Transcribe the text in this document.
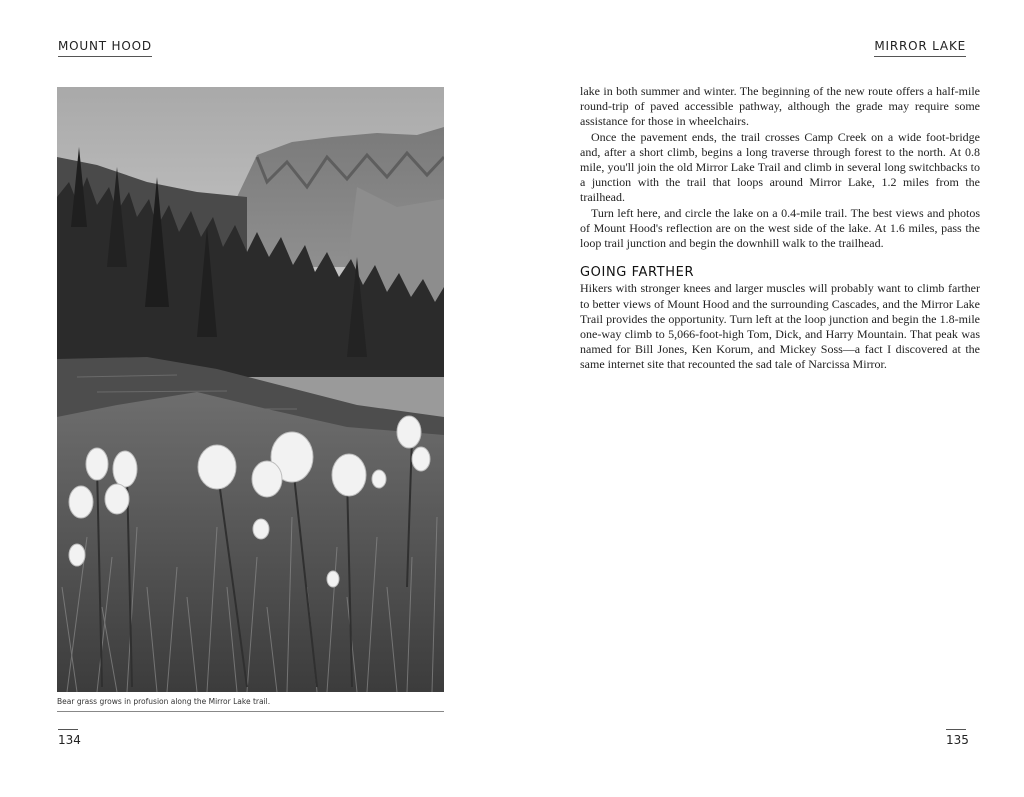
MOUNT HOOD
Bear grass grows in profusion along the Mirror Lake trail.
134
MIRROR LAKE

lake in both summer and winter. The beginning of the new route offers a half-mile round-trip of paved accessible pathway, although the grade may require some assistance for those in wheelchairs.

Once the pavement ends, the trail crosses Camp Creek on a wide foot-bridge and, after a short climb, begins a long traverse through forest to the north. At 0.8 mile, you'll join the old Mirror Lake Trail and climb in several long switchbacks to a junction with the trail that loops around Mirror Lake, 1.2 miles from the trailhead.

Turn left here, and circle the lake on a 0.4-mile trail. The best views and photos of Mount Hood's reflection are on the west side of the lake. At 1.6 miles, pass the loop trail junction and begin the downhill walk to the trailhead.

GOING FARTHER

Hikers with stronger knees and larger muscles will probably want to climb farther to better views of Mount Hood and the surrounding Cascades, and the Mirror Lake Trail provides the opportunity. Turn left at the loop junction and begin the 1.8-mile one-way climb to 5,066-foot-high Tom, Dick, and Harry Mountain. That peak was named for Bill Jones, Ken Korum, and Mickey Soss—a fact I discovered at the same internet site that recounted the sad tale of Narcissa Mirror.

135
